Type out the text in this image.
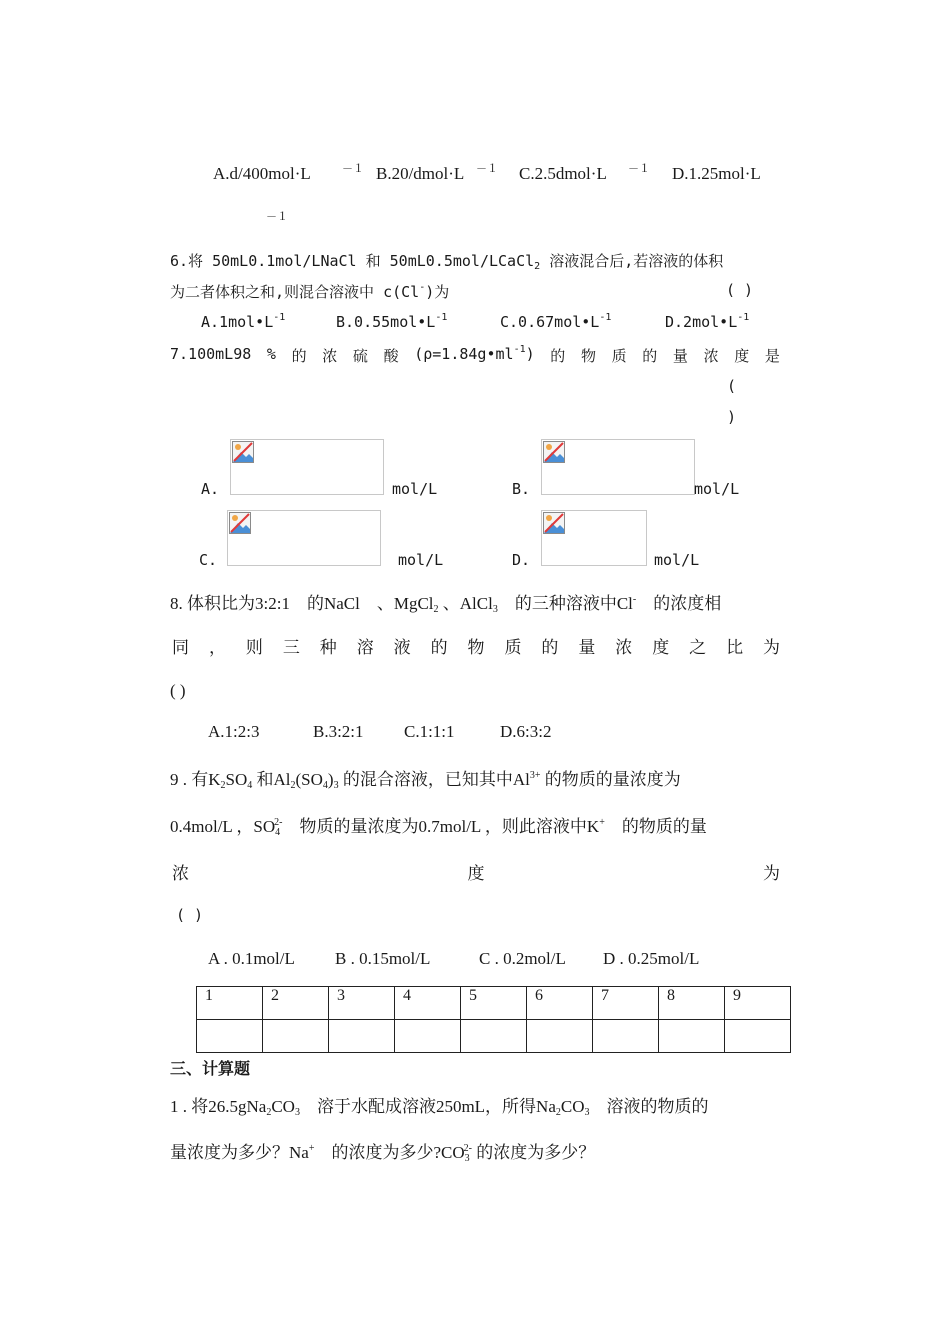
A.d/400mol·L	－１ B.20/dmol·L －１ C.2.5dmol·L －１ D.1.25mol·L
－１
6.将 50mL0.1mol/LNaCl 和 50mL0.5mol/LCaCl$_2$ 溶液混合后,若溶液的体积
为二者体积之和,则混合溶液中 c(Cl-)为	( )
$A.1mol•L^{-1}$	$B.0.55mol•L^{-1}$	$C.0.67mol•L^{-1}$	$D.2mol•L^{-1}$
7.100mL98 % 的 浓 硫 酸 $(\rho=1.84g•ml^{-1})$ 的 物 质 的 量 浓 度 是
(
)
A.	mol/L	B.	mol/L
C.	mol/L	D.	mol/L
8. 体积比为3:2:1　的NaCl　、MgCl2 、AlCl3　的三种溶液中Cl-　的浓度相
同 ， 则 三 种 溶 液 的 物 质 的 量 浓 度 之 比 为
( )
A.1:2:3	B.3:2:1 C.1:1:1	D.6:3:2
9 . 有K2SO4 和Al2(SO4)3 的混合溶液，已知其中$Al^{3+}$ 的物质的量浓度为
0.4mol/L ，$SO4^{2-}$　物质的量浓度为0.7mol/L ，则此溶液中K+　的物质的量
浓	度	为
( )
A . 0.1mol/L B . 0.15mol/L	C . 0.2mol/L D . 0.25mol/L
1	2	3	4	5	6	7	8	9

三、计算题
1 . 将26.5gNa2CO3　溶于水配成溶液250mL，所得Na2CO3　溶液的物质的
量浓度为多少？Na+　的浓度为多少$?CO3^{2-}$ 的浓度为多少？
